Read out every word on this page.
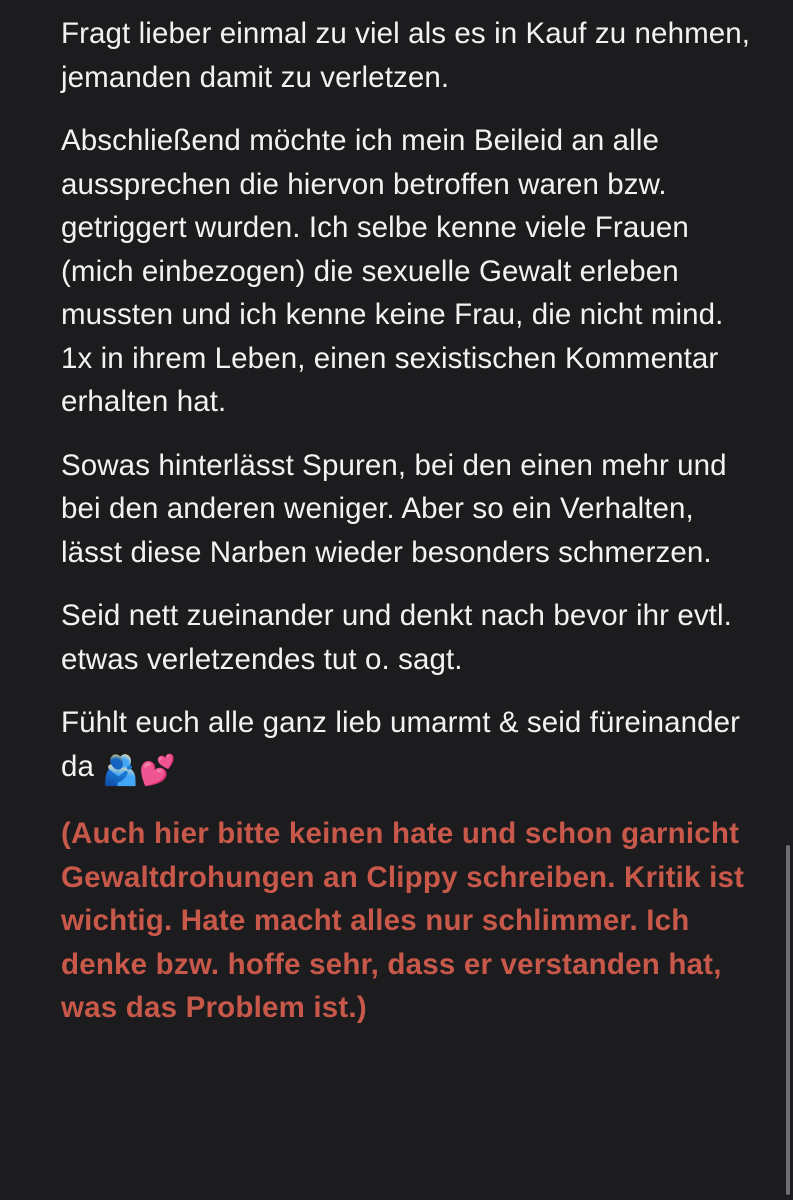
Fragt lieber einmal zu viel als es in Kauf zu nehmen, jemanden damit zu verletzen.

Abschließend möchte ich mein Beileid an alle aussprechen die hiervon betroffen waren bzw. getriggert wurden. Ich selbe kenne viele Frauen (mich einbezogen) die sexuelle Gewalt erleben mussten und ich kenne keine Frau, die nicht mind. 1x in ihrem Leben, einen sexistischen Kommentar erhalten hat.

Sowas hinterlässt Spuren, bei den einen mehr und bei den anderen weniger. Aber so ein Verhalten, lässt diese Narben wieder besonders schmerzen.

Seid nett zueinander und denkt nach bevor ihr evtl. etwas verletzendes tut o. sagt.

Fühlt euch alle ganz lieb umarmt & seid füreinander da 🫂💕

(Auch hier bitte keinen hate und schon garnicht Gewaltdrohungen an Clippy schreiben. Kritik ist wichtig. Hate macht alles nur schlimmer. Ich denke bzw. hoffe sehr, dass er verstanden hat, was das Problem ist.)
